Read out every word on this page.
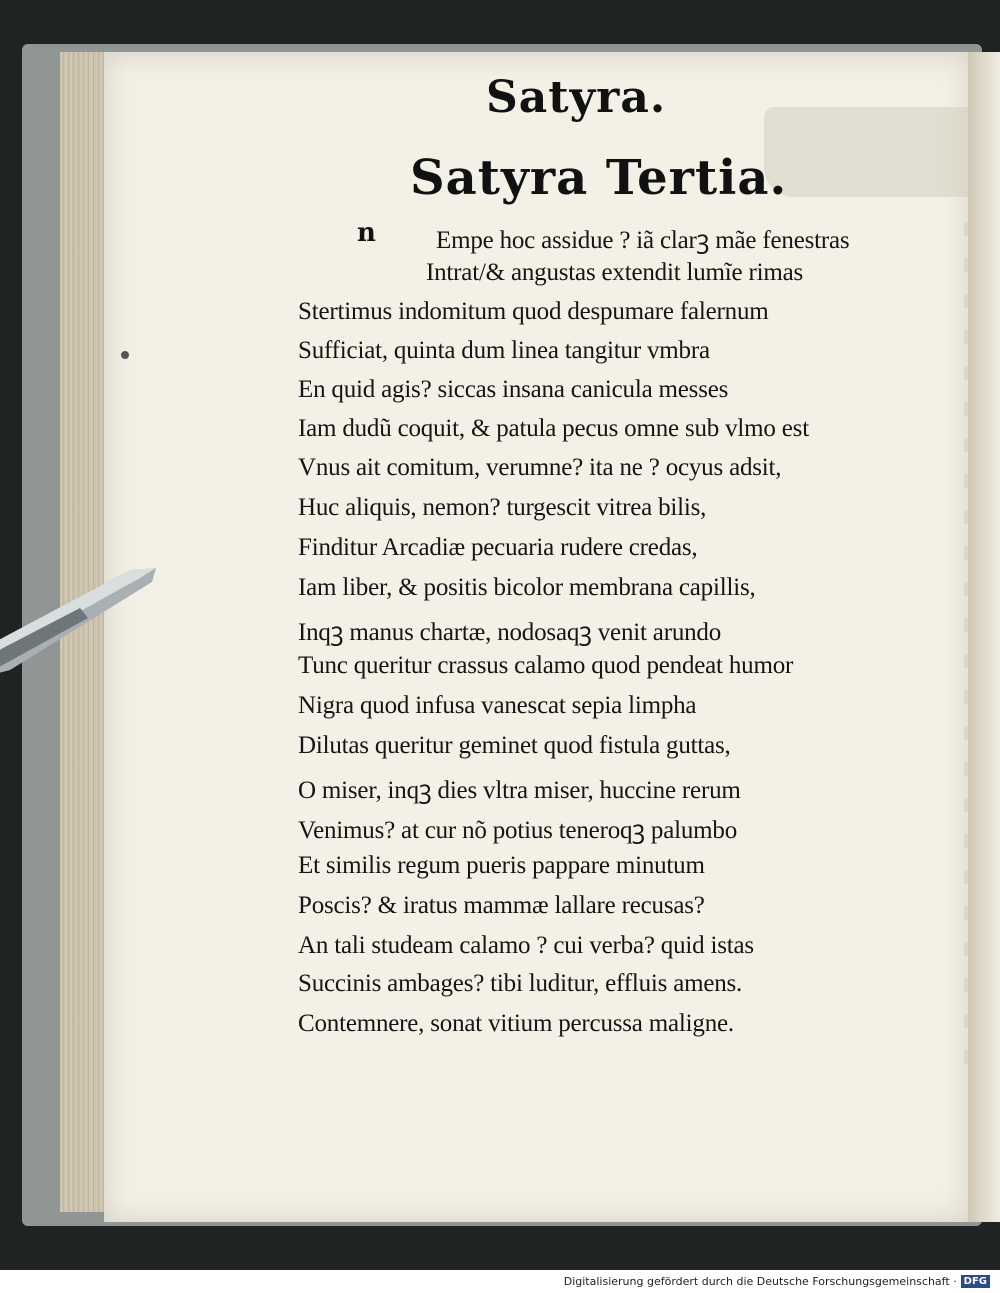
Satyra.
Satyra Tertia.
n Empe hoc assidue ? iã clarꝫ mãe fenestras
Intrat/& angustas extendit lumĩe rimas
Stertimus indomitum quod despumare falernum
Sufficiat, quinta dum linea tangitur vmbra
En quid agis? siccas insana canicula messes
Iam dudũ coquit, & patula pecus omne sub vlmo est
Vnus ait comitum, verumne? ita ne ? ocyus adsit,
Huc aliquis, nemon? turgescit vitrea bilis,
Finditur Arcadiæ pecuaria rudere credas,
Iam liber, & positis bicolor membrana capillis,
Inqꝫ manus chartæ, nodosaqꝫ venit arundo
Tunc queritur crassus calamo quod pendeat humor
Nigra quod infusa vanescat sepia limpha
Dilutas queritur geminet quod fistula guttas,
O miser, inqꝫ dies vltra miser, huccine rerum
Venimus? at cur nõ potius teneroqꝫ palumbo
Et similis regum pueris pappare minutum
Poscis? & iratus mammæ lallare recusas?
An tali studeam calamo ? cui verba? quid istas
Succinis ambages? tibi luditur, effluis amens.
Contemnere, sonat vitium percussa maligne.
Digitalisierung gefördert durch die Deutsche Forschungsgemeinschaft · DFG
